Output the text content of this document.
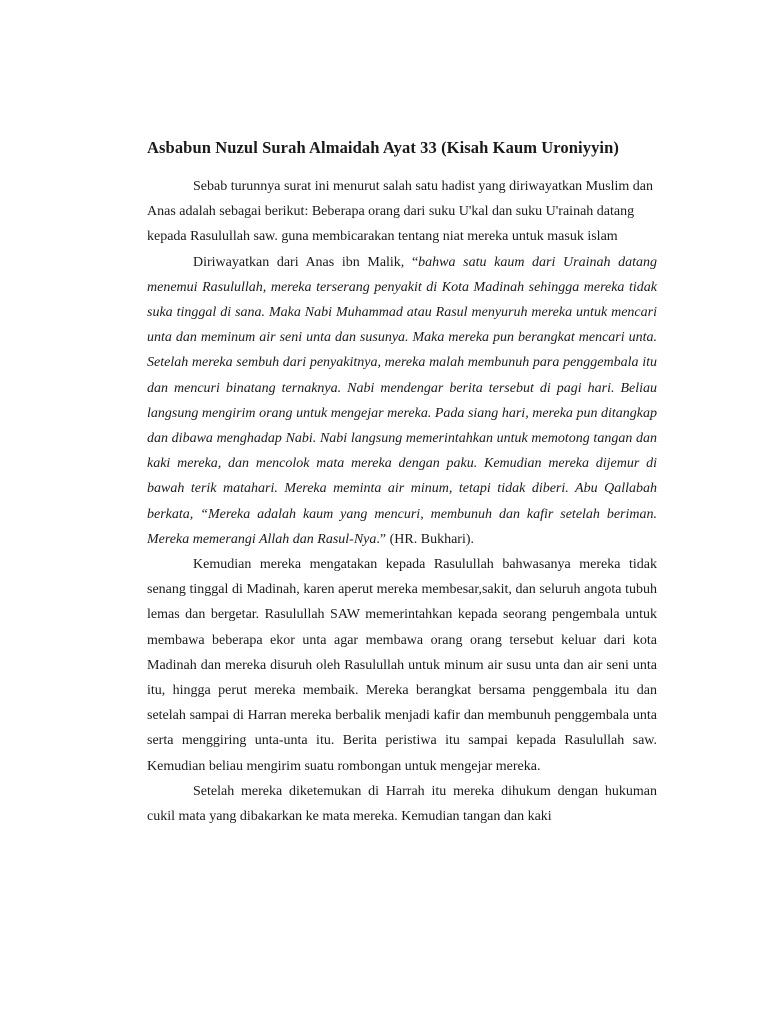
Asbabun Nuzul Surah Almaidah Ayat 33 (Kisah Kaum Uroniyyin)

Sebab turunnya surat ini menurut salah satu hadist yang diriwayatkan Muslim dan Anas adalah sebagai berikut: Beberapa orang dari suku U'kal dan suku U'rainah datang kepada Rasulullah saw. guna membicarakan tentang niat mereka untuk masuk islam

Diriwayatkan dari Anas ibn Malik, “bahwa satu kaum dari Urainah datang menemui Rasulullah, mereka terserang penyakit di Kota Madinah sehingga mereka tidak suka tinggal di sana. Maka Nabi Muhammad atau Rasul menyuruh mereka untuk mencari unta dan meminum air seni unta dan susunya. Maka mereka pun berangkat mencari unta. Setelah mereka sembuh dari penyakitnya, mereka malah membunuh para penggembala itu dan mencuri binatang ternaknya. Nabi mendengar berita tersebut di pagi hari. Beliau langsung mengirim orang untuk mengejar mereka. Pada siang hari, mereka pun ditangkap dan dibawa menghadap Nabi. Nabi langsung memerintahkan untuk memotong tangan dan kaki mereka, dan mencolok mata mereka dengan paku. Kemudian mereka dijemur di bawah terik matahari. Mereka meminta air minum, tetapi tidak diberi. Abu Qallabah berkata, “Mereka adalah kaum yang mencuri, membunuh dan kafir setelah beriman. Mereka memerangi Allah dan Rasul-Nya.” (HR. Bukhari).

Kemudian mereka mengatakan kepada Rasulullah bahwasanya mereka tidak senang tinggal di Madinah, karen aperut mereka membesar,sakit, dan seluruh angota tubuh lemas dan bergetar. Rasulullah SAW memerintahkan kepada seorang pengembala untuk membawa beberapa ekor unta agar membawa orang orang tersebut keluar dari kota Madinah dan mereka disuruh oleh Rasulullah untuk minum air susu unta dan air seni unta itu, hingga perut mereka membaik. Mereka berangkat bersama penggembala itu dan setelah sampai di Harran mereka berbalik menjadi kafir dan membunuh penggembala unta serta menggiring unta-unta itu. Berita peristiwa itu sampai kepada Rasulullah saw. Kemudian beliau mengirim suatu rombongan untuk mengejar mereka.

Setelah mereka diketemukan di Harrah itu mereka dihukum dengan hukuman cukil mata yang dibakarkan ke mata mereka. Kemudian tangan dan kaki
